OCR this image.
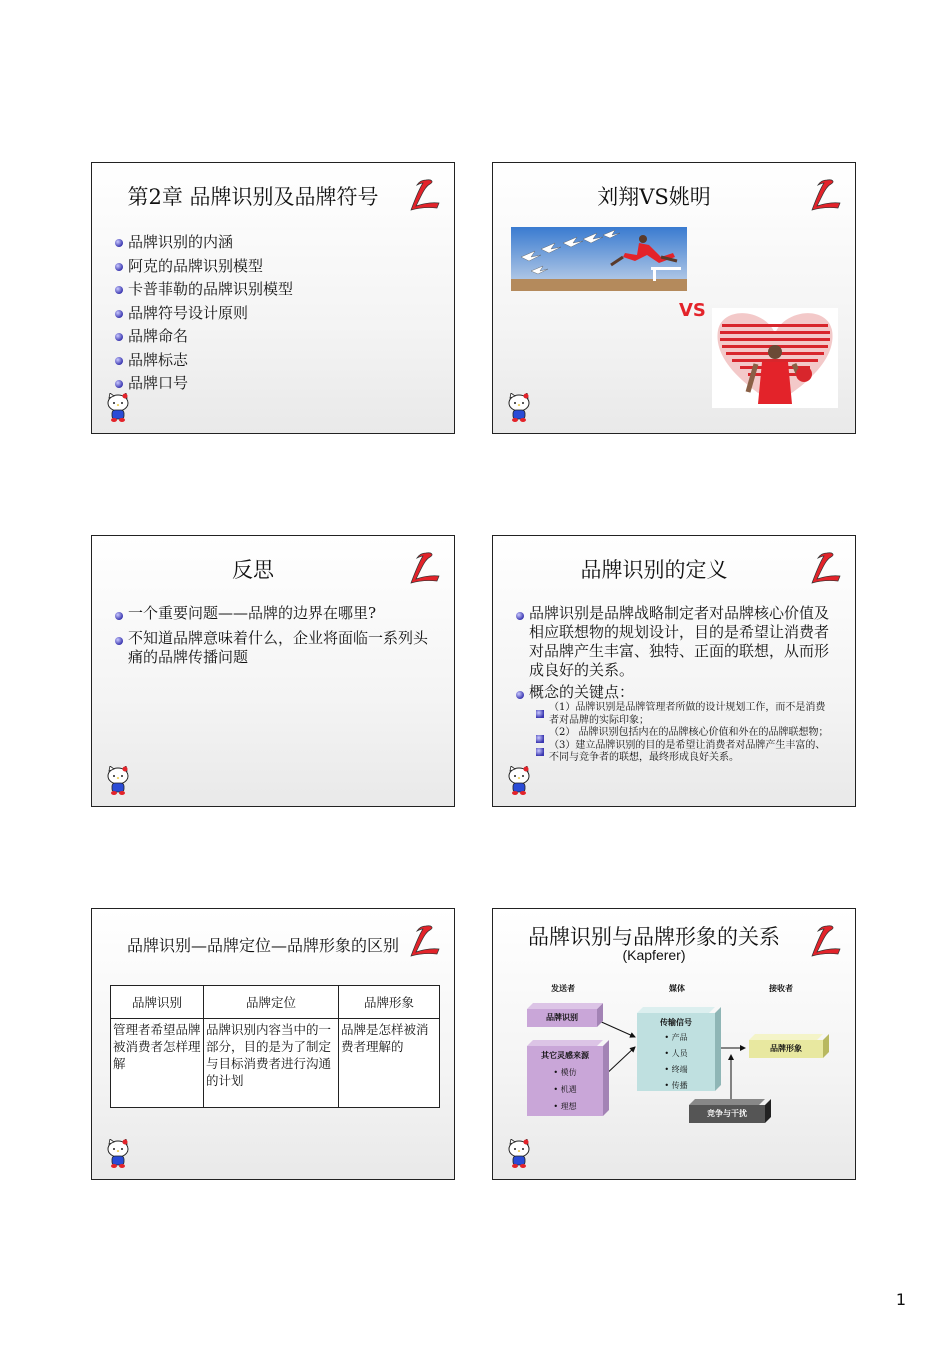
第2章 品牌识别及品牌符号
品牌识别的内涵
阿克的品牌识别模型
卡普菲勒的品牌识别模型
品牌符号设计原则
品牌命名
品牌标志
品牌口号
刘翔VS姚明
VS
反思
一个重要问题——品牌的边界在哪里?
不知道品牌意味着什么，企业将面临一系列头痛的品牌传播问题
品牌识别的定义
品牌识别是品牌战略制定者对品牌核心价值及相应联想物的规划设计，目的是希望让消费者对品牌产生丰富、独特、正面的联想，从而形成良好的关系。
概念的关键点：
（1）品牌识别是品牌管理者所做的设计规划工作，而不是消费者对品牌的实际印象；
（2） 品牌识别包括内在的品牌核心价值和外在的品牌联想物；
（3）建立品牌识别的目的是希望让消费者对品牌产生丰富的、不同与竞争者的联想，最终形成良好关系。
品牌识别—品牌定位—品牌形象的区别
品牌识别	品牌定位	品牌形象
管理者希望品牌被消费者怎样理解	品牌识别内容当中的一部分，目的是为了制定与目标消费者进行沟通的计划	品牌是怎样被消费者理解的
品牌识别与品牌形象的关系
(Kapferer)
发送者	媒体	接收者
品牌识别
其它灵感来源
• 模仿
• 机遇
• 理想
传输信号
• 产品
• 人员
• 终端
• 传播
品牌形象
竞争与干扰
1
